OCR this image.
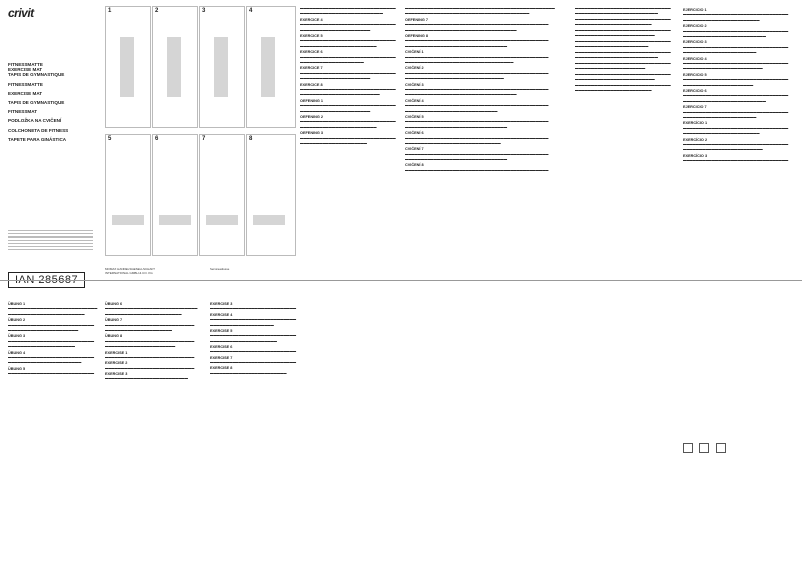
crivit
FITNESSMATTE
EXERCISE MAT
TAPIS DE GYMNASTIQUE
FITNESSMATTE
EXERCISE MAT
TAPIS DE GYMNASTIQUE
FITNESSMAT
PODLOŽKA NA CVIČENÍ
COLCHONETA DE FITNESS
TAPETE PARA GINÁSTICA
IAN 285687
1	2	3	4
5	6	7	8
MOMAX HANDELSGESELLSCHAFT
INTERNATIONAL GMBH & CO. KG
Serviceadresse
ÜBUNG 1

▬▬▬▬▬▬▬▬▬▬▬▬▬▬▬▬▬▬▬▬▬▬▬▬▬▬▬▬

▬▬▬▬▬▬▬▬▬▬▬▬▬▬▬▬▬▬▬▬▬▬▬▬

ÜBUNG 2

▬▬▬▬▬▬▬▬▬▬▬▬▬▬▬▬▬▬▬▬▬▬▬▬▬▬▬

▬▬▬▬▬▬▬▬▬▬▬▬▬▬▬▬▬▬▬▬▬▬

ÜBUNG 3

▬▬▬▬▬▬▬▬▬▬▬▬▬▬▬▬▬▬▬▬▬▬▬▬▬▬▬

▬▬▬▬▬▬▬▬▬▬▬▬▬▬▬▬▬▬▬▬▬

ÜBUNG 4

▬▬▬▬▬▬▬▬▬▬▬▬▬▬▬▬▬▬▬▬▬▬▬▬▬▬▬

▬▬▬▬▬▬▬▬▬▬▬▬▬▬▬▬▬▬▬▬▬▬▬

ÜBUNG 5

▬▬▬▬▬▬▬▬▬▬▬▬▬▬▬▬▬▬▬▬▬▬▬▬▬▬▬

ÜBUNG 6

▬▬▬▬▬▬▬▬▬▬▬▬▬▬▬▬▬▬▬▬▬▬▬▬▬▬▬▬▬

▬▬▬▬▬▬▬▬▬▬▬▬▬▬▬▬▬▬▬▬▬▬▬▬

ÜBUNG 7

▬▬▬▬▬▬▬▬▬▬▬▬▬▬▬▬▬▬▬▬▬▬▬▬▬▬▬▬

▬▬▬▬▬▬▬▬▬▬▬▬▬▬▬▬▬▬▬▬▬

ÜBUNG 8

▬▬▬▬▬▬▬▬▬▬▬▬▬▬▬▬▬▬▬▬▬▬▬▬▬▬▬▬

▬▬▬▬▬▬▬▬▬▬▬▬▬▬▬▬▬▬▬▬▬▬

EXERCISE 1

▬▬▬▬▬▬▬▬▬▬▬▬▬▬▬▬▬▬▬▬▬▬▬▬▬▬▬▬

EXERCISE 2

▬▬▬▬▬▬▬▬▬▬▬▬▬▬▬▬▬▬▬▬▬▬▬▬▬▬▬▬

EXERCISE 3

▬▬▬▬▬▬▬▬▬▬▬▬▬▬▬▬▬▬▬▬▬▬▬▬▬▬

EXERCISE 3

▬▬▬▬▬▬▬▬▬▬▬▬▬▬▬▬▬▬▬▬▬▬▬▬▬▬▬

EXERCISE 4

▬▬▬▬▬▬▬▬▬▬▬▬▬▬▬▬▬▬▬▬▬▬▬▬▬▬▬

▬▬▬▬▬▬▬▬▬▬▬▬▬▬▬▬▬▬▬▬

EXERCISE 5

▬▬▬▬▬▬▬▬▬▬▬▬▬▬▬▬▬▬▬▬▬▬▬▬▬▬▬

▬▬▬▬▬▬▬▬▬▬▬▬▬▬▬▬▬▬▬▬▬

EXERCISE 6

▬▬▬▬▬▬▬▬▬▬▬▬▬▬▬▬▬▬▬▬▬▬▬▬▬▬▬

EXERCISE 7

▬▬▬▬▬▬▬▬▬▬▬▬▬▬▬▬▬▬▬▬▬▬▬▬▬▬▬

EXERCISE 8

▬▬▬▬▬▬▬▬▬▬▬▬▬▬▬▬▬▬▬▬▬▬▬▬

▬▬▬▬▬▬▬▬▬▬▬▬▬▬▬▬▬▬▬▬▬▬▬▬▬▬▬▬▬▬

▬▬▬▬▬▬▬▬▬▬▬▬▬▬▬▬▬▬▬▬▬▬▬▬▬▬

EXERCICE 4

▬▬▬▬▬▬▬▬▬▬▬▬▬▬▬▬▬▬▬▬▬▬▬▬▬▬▬▬▬▬

▬▬▬▬▬▬▬▬▬▬▬▬▬▬▬▬▬▬▬▬▬▬

EXERCICE 5

▬▬▬▬▬▬▬▬▬▬▬▬▬▬▬▬▬▬▬▬▬▬▬▬▬▬▬▬▬▬

▬▬▬▬▬▬▬▬▬▬▬▬▬▬▬▬▬▬▬▬▬▬▬▬

EXERCICE 6

▬▬▬▬▬▬▬▬▬▬▬▬▬▬▬▬▬▬▬▬▬▬▬▬▬▬▬▬▬▬

▬▬▬▬▬▬▬▬▬▬▬▬▬▬▬▬▬▬▬▬

EXERCICE 7

▬▬▬▬▬▬▬▬▬▬▬▬▬▬▬▬▬▬▬▬▬▬▬▬▬▬▬▬▬▬

▬▬▬▬▬▬▬▬▬▬▬▬▬▬▬▬▬▬▬▬▬▬

EXERCICE 8

▬▬▬▬▬▬▬▬▬▬▬▬▬▬▬▬▬▬▬▬▬▬▬▬▬▬▬▬▬▬

▬▬▬▬▬▬▬▬▬▬▬▬▬▬▬▬▬▬▬▬▬▬▬▬▬

OEFENING 1

▬▬▬▬▬▬▬▬▬▬▬▬▬▬▬▬▬▬▬▬▬▬▬▬▬▬▬▬▬▬

▬▬▬▬▬▬▬▬▬▬▬▬▬▬▬▬▬▬▬▬▬▬

OEFENING 2

▬▬▬▬▬▬▬▬▬▬▬▬▬▬▬▬▬▬▬▬▬▬▬▬▬▬▬▬▬▬

▬▬▬▬▬▬▬▬▬▬▬▬▬▬▬▬▬▬▬▬▬▬▬▬

OEFENING 3

▬▬▬▬▬▬▬▬▬▬▬▬▬▬▬▬▬▬▬▬▬▬▬▬▬▬▬▬▬▬

▬▬▬▬▬▬▬▬▬▬▬▬▬▬▬▬▬▬▬▬▬

▬▬▬▬▬▬▬▬▬▬▬▬▬▬▬▬▬▬▬▬▬▬▬▬▬▬▬▬▬▬▬▬▬▬▬▬▬▬▬▬▬▬▬▬▬▬▬

▬▬▬▬▬▬▬▬▬▬▬▬▬▬▬▬▬▬▬▬▬▬▬▬▬▬▬▬▬▬▬▬▬▬▬▬▬▬▬

OEFENING 7

▬▬▬▬▬▬▬▬▬▬▬▬▬▬▬▬▬▬▬▬▬▬▬▬▬▬▬▬▬▬▬▬▬▬▬▬▬▬▬▬▬▬▬▬▬

▬▬▬▬▬▬▬▬▬▬▬▬▬▬▬▬▬▬▬▬▬▬▬▬▬▬▬▬▬▬▬▬▬▬▬

OEFENING 8

▬▬▬▬▬▬▬▬▬▬▬▬▬▬▬▬▬▬▬▬▬▬▬▬▬▬▬▬▬▬▬▬▬▬▬▬▬▬▬▬▬▬▬▬▬

▬▬▬▬▬▬▬▬▬▬▬▬▬▬▬▬▬▬▬▬▬▬▬▬▬▬▬▬▬▬▬▬

CVIČENÍ 1

▬▬▬▬▬▬▬▬▬▬▬▬▬▬▬▬▬▬▬▬▬▬▬▬▬▬▬▬▬▬▬▬▬▬▬▬▬▬▬▬▬▬▬▬▬

▬▬▬▬▬▬▬▬▬▬▬▬▬▬▬▬▬▬▬▬▬▬▬▬▬▬▬▬▬▬▬▬▬▬

CVIČENÍ 2

▬▬▬▬▬▬▬▬▬▬▬▬▬▬▬▬▬▬▬▬▬▬▬▬▬▬▬▬▬▬▬▬▬▬▬▬▬▬▬▬▬▬▬▬▬

▬▬▬▬▬▬▬▬▬▬▬▬▬▬▬▬▬▬▬▬▬▬▬▬▬▬▬▬▬▬▬

CVIČENÍ 3

▬▬▬▬▬▬▬▬▬▬▬▬▬▬▬▬▬▬▬▬▬▬▬▬▬▬▬▬▬▬▬▬▬▬▬▬▬▬▬▬▬▬▬▬▬

▬▬▬▬▬▬▬▬▬▬▬▬▬▬▬▬▬▬▬▬▬▬▬▬▬▬▬▬▬▬▬▬▬▬▬

CVIČENÍ 4

▬▬▬▬▬▬▬▬▬▬▬▬▬▬▬▬▬▬▬▬▬▬▬▬▬▬▬▬▬▬▬▬▬▬▬▬▬▬▬▬▬▬▬▬▬

▬▬▬▬▬▬▬▬▬▬▬▬▬▬▬▬▬▬▬▬▬▬▬▬▬▬▬▬▬

CVIČENÍ 5

▬▬▬▬▬▬▬▬▬▬▬▬▬▬▬▬▬▬▬▬▬▬▬▬▬▬▬▬▬▬▬▬▬▬▬▬▬▬▬▬▬▬▬▬▬

▬▬▬▬▬▬▬▬▬▬▬▬▬▬▬▬▬▬▬▬▬▬▬▬▬▬▬▬▬▬▬▬

CVIČENÍ 6

▬▬▬▬▬▬▬▬▬▬▬▬▬▬▬▬▬▬▬▬▬▬▬▬▬▬▬▬▬▬▬▬▬▬▬▬▬▬▬▬▬▬▬▬▬

▬▬▬▬▬▬▬▬▬▬▬▬▬▬▬▬▬▬▬▬▬▬▬▬▬▬▬▬▬▬

CVIČENÍ 7

▬▬▬▬▬▬▬▬▬▬▬▬▬▬▬▬▬▬▬▬▬▬▬▬▬▬▬▬▬▬▬▬▬▬▬▬▬▬▬▬▬▬▬▬▬

▬▬▬▬▬▬▬▬▬▬▬▬▬▬▬▬▬▬▬▬▬▬▬▬▬▬▬▬▬▬▬▬

CVIČENÍ 8

▬▬▬▬▬▬▬▬▬▬▬▬▬▬▬▬▬▬▬▬▬▬▬▬▬▬▬▬▬▬▬▬▬▬▬▬▬▬▬▬▬▬▬▬▬

▬▬▬▬▬▬▬▬▬▬▬▬▬▬▬▬▬▬▬▬▬▬▬▬▬▬▬▬▬▬

▬▬▬▬▬▬▬▬▬▬▬▬▬▬▬▬▬▬▬▬▬▬▬▬▬▬

▬▬▬▬▬▬▬▬▬▬▬▬▬▬▬▬▬▬▬▬▬▬▬▬▬▬▬▬▬▬

▬▬▬▬▬▬▬▬▬▬▬▬▬▬▬▬▬▬▬▬▬▬▬▬

▬▬▬▬▬▬▬▬▬▬▬▬▬▬▬▬▬▬▬▬▬▬▬▬▬▬▬▬▬▬

▬▬▬▬▬▬▬▬▬▬▬▬▬▬▬▬▬▬▬▬▬▬▬▬▬

▬▬▬▬▬▬▬▬▬▬▬▬▬▬▬▬▬▬▬▬▬▬▬▬▬▬▬▬▬▬

▬▬▬▬▬▬▬▬▬▬▬▬▬▬▬▬▬▬▬▬▬▬▬

▬▬▬▬▬▬▬▬▬▬▬▬▬▬▬▬▬▬▬▬▬▬▬▬▬▬▬▬▬▬

▬▬▬▬▬▬▬▬▬▬▬▬▬▬▬▬▬▬▬▬▬▬▬▬▬▬

▬▬▬▬▬▬▬▬▬▬▬▬▬▬▬▬▬▬▬▬▬▬▬▬▬▬▬▬▬▬

▬▬▬▬▬▬▬▬▬▬▬▬▬▬▬▬▬▬▬▬▬▬

▬▬▬▬▬▬▬▬▬▬▬▬▬▬▬▬▬▬▬▬▬▬▬▬▬▬▬▬▬▬

▬▬▬▬▬▬▬▬▬▬▬▬▬▬▬▬▬▬▬▬▬▬▬▬▬

▬▬▬▬▬▬▬▬▬▬▬▬▬▬▬▬▬▬▬▬▬▬▬▬▬▬▬▬▬▬

▬▬▬▬▬▬▬▬▬▬▬▬▬▬▬▬▬▬▬▬▬▬▬▬

EJERCICIO 1

▬▬▬▬▬▬▬▬▬▬▬▬▬▬▬▬▬▬▬▬▬▬▬▬▬▬▬▬▬▬▬▬▬

▬▬▬▬▬▬▬▬▬▬▬▬▬▬▬▬▬▬▬▬▬▬▬▬

EJERCICIO 2

▬▬▬▬▬▬▬▬▬▬▬▬▬▬▬▬▬▬▬▬▬▬▬▬▬▬▬▬▬▬▬▬▬

▬▬▬▬▬▬▬▬▬▬▬▬▬▬▬▬▬▬▬▬▬▬▬▬▬▬

EJERCICIO 3

▬▬▬▬▬▬▬▬▬▬▬▬▬▬▬▬▬▬▬▬▬▬▬▬▬▬▬▬▬▬▬▬▬

▬▬▬▬▬▬▬▬▬▬▬▬▬▬▬▬▬▬▬▬▬▬▬

EJERCICIO 4

▬▬▬▬▬▬▬▬▬▬▬▬▬▬▬▬▬▬▬▬▬▬▬▬▬▬▬▬▬▬▬▬▬

▬▬▬▬▬▬▬▬▬▬▬▬▬▬▬▬▬▬▬▬▬▬▬▬▬

EJERCICIO 5

▬▬▬▬▬▬▬▬▬▬▬▬▬▬▬▬▬▬▬▬▬▬▬▬▬▬▬▬▬▬▬▬▬

▬▬▬▬▬▬▬▬▬▬▬▬▬▬▬▬▬▬▬▬▬▬

EJERCICIO 6

▬▬▬▬▬▬▬▬▬▬▬▬▬▬▬▬▬▬▬▬▬▬▬▬▬▬▬▬▬▬▬▬▬

▬▬▬▬▬▬▬▬▬▬▬▬▬▬▬▬▬▬▬▬▬▬▬▬▬▬

EJERCICIO 7

▬▬▬▬▬▬▬▬▬▬▬▬▬▬▬▬▬▬▬▬▬▬▬▬▬▬▬▬▬▬▬▬▬

▬▬▬▬▬▬▬▬▬▬▬▬▬▬▬▬▬▬▬▬▬▬▬

EXERCÍCIO 1

▬▬▬▬▬▬▬▬▬▬▬▬▬▬▬▬▬▬▬▬▬▬▬▬▬▬▬▬▬▬▬▬▬

▬▬▬▬▬▬▬▬▬▬▬▬▬▬▬▬▬▬▬▬▬▬▬▬

EXERCÍCIO 2

▬▬▬▬▬▬▬▬▬▬▬▬▬▬▬▬▬▬▬▬▬▬▬▬▬▬▬▬▬▬▬▬▬

▬▬▬▬▬▬▬▬▬▬▬▬▬▬▬▬▬▬▬▬▬▬▬▬▬

EXERCÍCIO 3

▬▬▬▬▬▬▬▬▬▬▬▬▬▬▬▬▬▬▬▬▬▬▬▬▬▬▬▬▬▬▬▬▬
